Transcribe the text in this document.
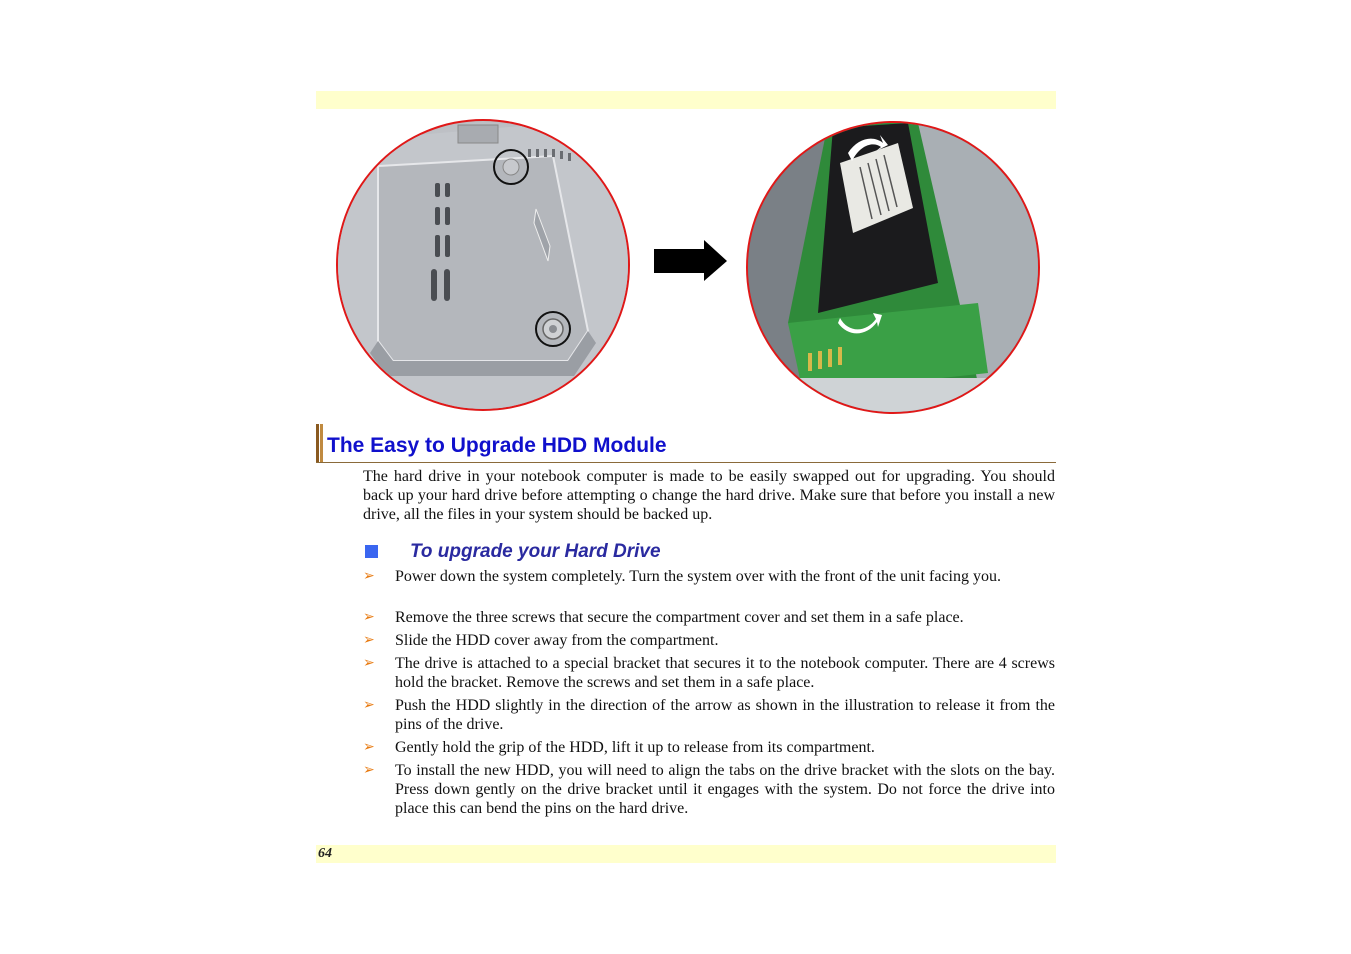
The Easy to Upgrade HDD Module

The hard drive in your notebook computer is made to be easily swapped out for upgrading. You should back up your hard drive before attempting o change the hard drive. Make sure that before you install a new drive, all the files in your system should be backed up.

To upgrade your Hard Drive
➢ Power down the system completely. Turn the system over with the front of the unit facing you.
➢ Remove the three screws that secure the compartment cover and set them in a safe place.
➢ Slide the HDD cover away from the compartment.
➢ The drive is attached to a special bracket that secures it to the notebook computer. There are 4 screws hold the bracket. Remove the screws and set them in a safe place.
➢ Push the HDD slightly in the direction of the arrow as shown in the illustration to release it from the pins of the drive.
➢ Gently hold the grip of the HDD, lift it up to release from its compartment.
➢ To install the new HDD, you will need to align the tabs on the drive bracket with the slots on the bay. Press down gently on the drive bracket until it engages with the system. Do not force the drive into place this can bend the pins on the hard drive.
64
